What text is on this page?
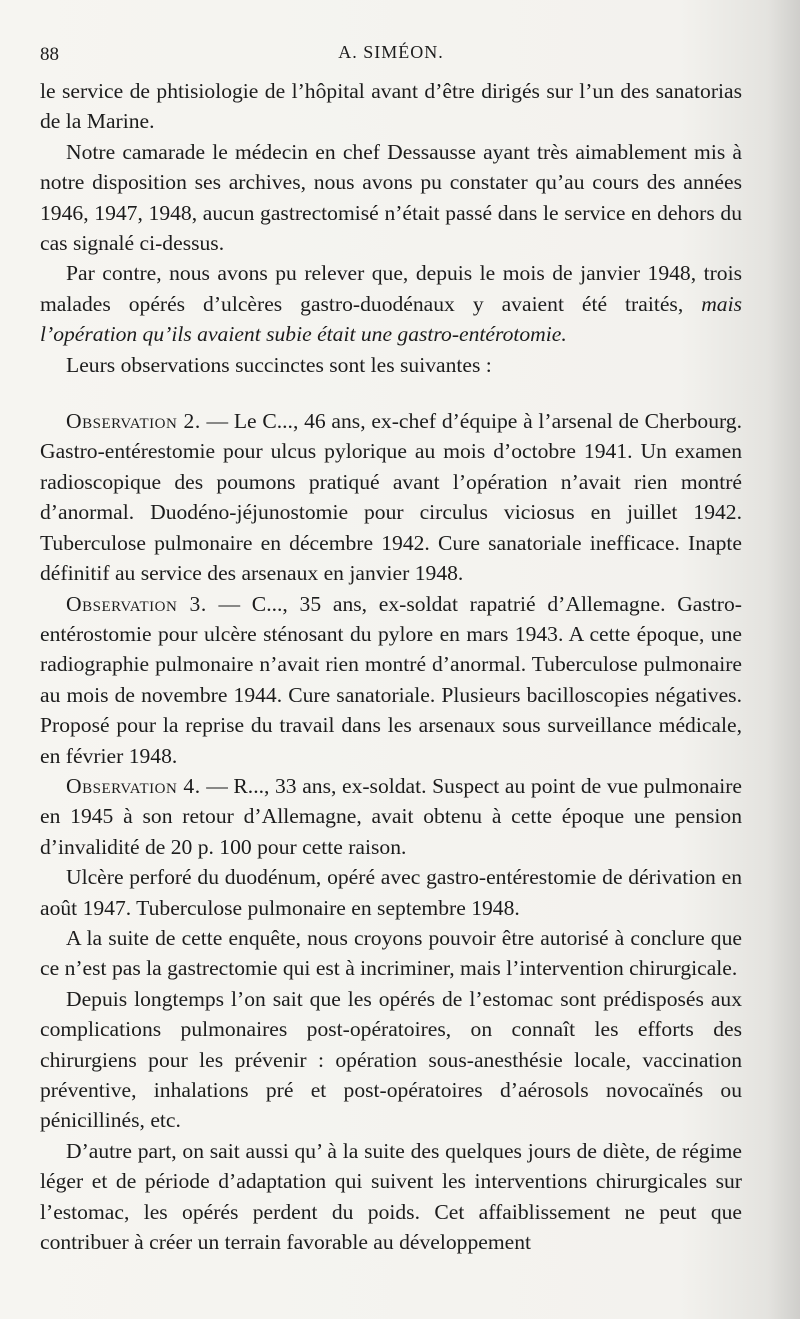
88	A. SIMÉON.

le service de phtisiologie de l’hôpital avant d’être dirigés sur l’un des sanatorias de la Marine.

Notre camarade le médecin en chef Dessausse ayant très aimablement mis à notre disposition ses archives, nous avons pu constater qu’au cours des années 1946, 1947, 1948, aucun gastrectomisé n’était passé dans le service en dehors du cas signalé ci-dessus.

Par contre, nous avons pu relever que, depuis le mois de janvier 1948, trois malades opérés d’ulcères gastro-duodénaux y avaient été traités, mais l’opération qu’ils avaient subie était une gastro-entérotomie.

Leurs observations succinctes sont les suivantes :

Observation 2. — Le C..., 46 ans, ex-chef d’équipe à l’arsenal de Cherbourg. Gastro-entérestomie pour ulcus pylorique au mois d’octobre 1941. Un examen radioscopique des poumons pratiqué avant l’opération n’avait rien montré d’anormal. Duodéno-jéjunostomie pour circulus viciosus en juillet 1942. Tuberculose pulmonaire en décembre 1942. Cure sanatoriale inefficace. Inapte définitif au service des arsenaux en janvier 1948.

Observation 3. — C..., 35 ans, ex-soldat rapatrié d’Allemagne. Gastro-entérostomie pour ulcère sténosant du pylore en mars 1943. A cette époque, une radiographie pulmonaire n’avait rien montré d’anormal. Tuberculose pulmonaire au mois de novembre 1944. Cure sanatoriale. Plusieurs bacilloscopies négatives. Proposé pour la reprise du travail dans les arsenaux sous surveillance médicale, en février 1948.

Observation 4. — R..., 33 ans, ex-soldat. Suspect au point de vue pulmonaire en 1945 à son retour d’Allemagne, avait obtenu à cette époque une pension d’invalidité de 20 p. 100 pour cette raison.

Ulcère perforé du duodénum, opéré avec gastro-entérestomie de dérivation en août 1947. Tuberculose pulmonaire en septembre 1948.

A la suite de cette enquête, nous croyons pouvoir être autorisé à conclure que ce n’est pas la gastrectomie qui est à incriminer, mais l’intervention chirurgicale.

Depuis longtemps l’on sait que les opérés de l’estomac sont prédisposés aux complications pulmonaires post-opératoires, on connaît les efforts des chirurgiens pour les prévenir : opération sous-anesthésie locale, vaccination préventive, inhalations pré et post-opératoires d’aérosols novocaïnés ou pénicillinés, etc.

D’autre part, on sait aussi qu’ à la suite des quelques jours de diète, de régime léger et de période d’adaptation qui suivent les interventions chirurgicales sur l’estomac, les opérés perdent du poids. Cet affaiblissement ne peut que contribuer à créer un terrain favorable au développement
